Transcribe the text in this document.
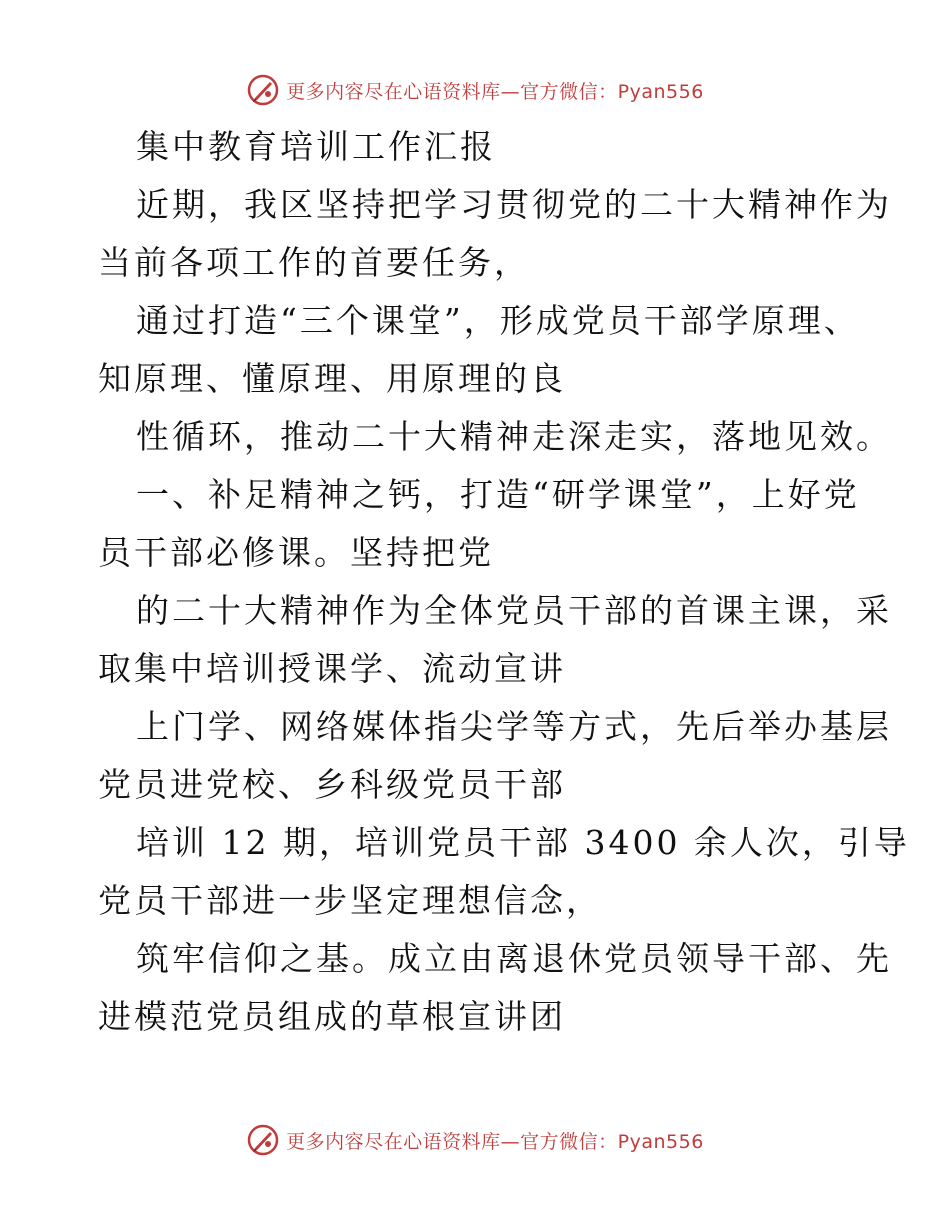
更多内容尽在心语资料库—官方微信：Pyan556
集中教育培训工作汇报
近期，我区坚持把学习贯彻党的二十大精神作为
当前各项工作的首要任务，
通过打造“三个课堂”，形成党员干部学原理、
知原理、懂原理、用原理的良
性循环，推动二十大精神走深走实，落地见效。
一、补足精神之钙，打造“研学课堂”，上好党
员干部必修课。坚持把党
的二十大精神作为全体党员干部的首课主课，采
取集中培训授课学、流动宣讲
上门学、网络媒体指尖学等方式，先后举办基层
党员进党校、乡科级党员干部
培训 12 期，培训党员干部 3400 余人次，引导
党员干部进一步坚定理想信念，
筑牢信仰之基。成立由离退休党员领导干部、先
进模范党员组成的草根宣讲团
更多内容尽在心语资料库—官方微信：Pyan556
